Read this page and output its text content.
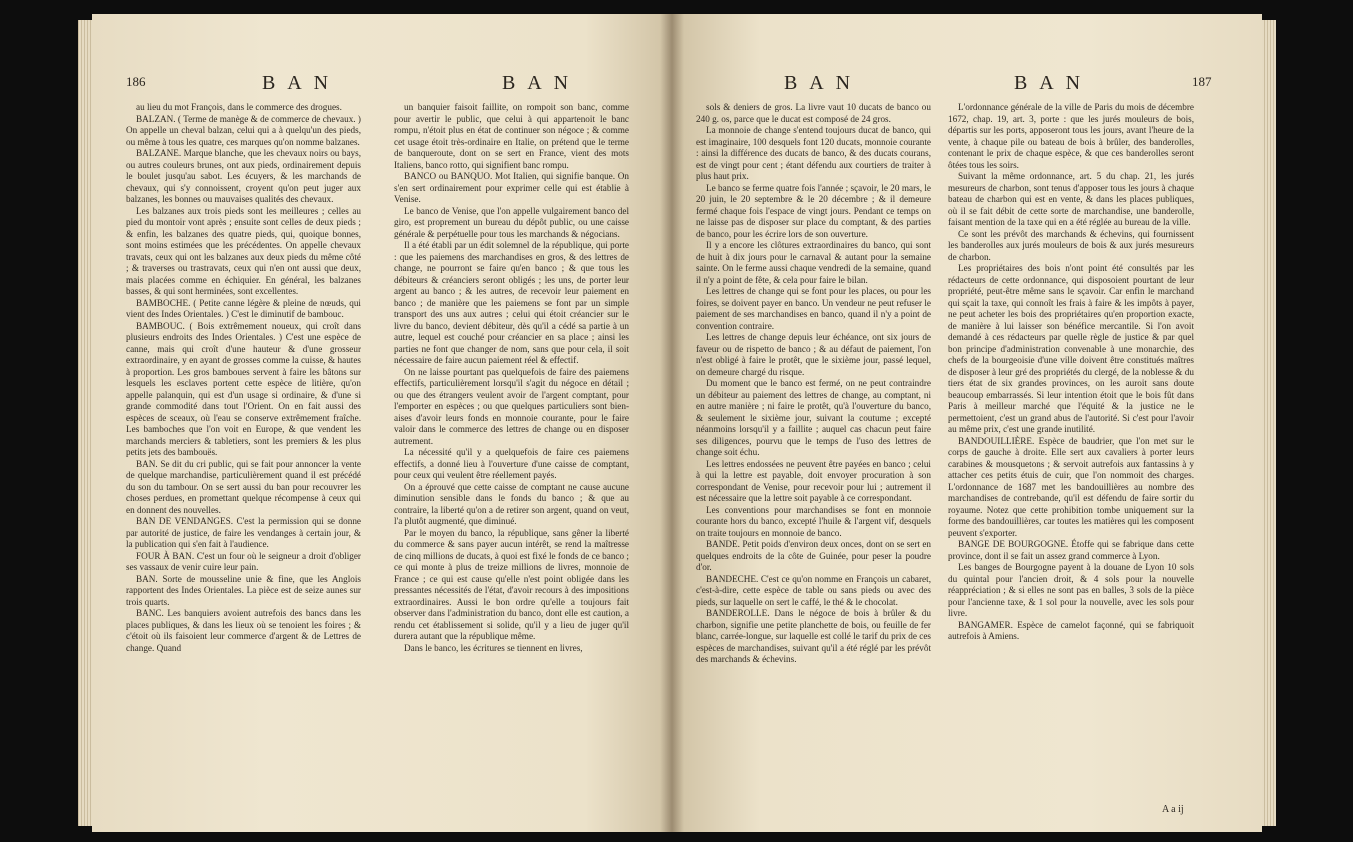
186	B A N	B A N

au lieu du mot François, dans le commerce des drogues.

BALZAN. ( Terme de manège & de commerce de chevaux. ) On appelle un cheval balzan, celui qui a à quelqu'un des pieds, ou même à tous les quatre, ces marques qu'on nomme balzanes.

BALZANE. Marque blanche, que les chevaux noirs ou bays, ou autres couleurs brunes, ont aux pieds, ordinairement depuis le boulet jusqu'au sabot. Les écuyers, & les marchands de chevaux, qui s'y connoissent, croyent qu'on peut juger aux balzanes, les bonnes ou mauvaises qualités des chevaux.

Les balzanes aux trois pieds sont les meilleures ; celles au pied du montoir vont après ; ensuite sont celles de deux pieds ; & enfin, les balzanes des quatre pieds, qui, quoique bonnes, sont moins estimées que les précédentes. On appelle chevaux travats, ceux qui ont les balzanes aux deux pieds du même côté ; & traverses ou trastravats, ceux qui n'en ont aussi que deux, mais placées comme en échiquier. En général, les balzanes basses, & qui sont herminées, sont excellentes.

BAMBOCHE. ( Petite canne légère & pleine de nœuds, qui vient des Indes Orientales. ) C'est le diminutif de bambouc.

BAMBOUC. ( Bois extrêmement noueux, qui croît dans plusieurs endroits des Indes Orientales. ) C'est une espèce de canne, mais qui croît d'une hauteur & d'une grosseur extraordinaire, y en ayant de grosses comme la cuisse, & hautes à proportion. Les gros bamboues servent à faire les bâtons sur lesquels les esclaves portent cette espèce de litière, qu'on appelle palanquin, qui est d'un usage si ordinaire, & d'une si grande commodité dans tout l'Orient. On en fait aussi des espèces de sceaux, où l'eau se conserve extrêmement fraîche. Les bamboches que l'on voit en Europe, & que vendent les marchands merciers & tabletiers, sont les premiers & les plus petits jets des bambouës.

BAN. Se dit du cri public, qui se fait pour annoncer la vente de quelque marchandise, particulièrement quand il est précédé du son du tambour. On se sert aussi du ban pour recouvrer les choses perdues, en promettant quelque récompense à ceux qui en donnent des nouvelles.

BAN DE VENDANGES. C'est la permission qui se donne par autorité de justice, de faire les vendanges à certain jour, & la publication qui s'en fait à l'audience.

FOUR À BAN. C'est un four où le seigneur a droit d'obliger ses vassaux de venir cuire leur pain.

BAN. Sorte de mousseline unie & fine, que les Anglois rapportent des Indes Orientales. La pièce est de seize aunes sur trois quarts.

BANC. Les banquiers avoient autrefois des bancs dans les places publiques, & dans les lieux où se tenoient les foires ; & c'étoit où ils faisoient leur commerce d'argent & de Lettres de change. Quand

un banquier faisoit faillite, on rompoit son banc, comme pour avertir le public, que celui à qui appartenoit le banc rompu, n'étoit plus en état de continuer son négoce ; & comme cet usage étoit très-ordinaire en Italie, on prétend que le terme de banqueroute, dont on se sert en France, vient des mots Italiens, banco rotto, qui signifient banc rompu.

BANCO ou BANQUO. Mot Italien, qui signifie banque. On s'en sert ordinairement pour exprimer celle qui est établie à Venise.

Le banco de Venise, que l'on appelle vulgairement banco del giro, est proprement un bureau du dépôt public, ou une caisse générale & perpétuelle pour tous les marchands & négocians.

Il a été établi par un édit solemnel de la république, qui porte : que les paiemens des marchandises en gros, & des lettres de change, ne pourront se faire qu'en banco ; & que tous les débiteurs & créanciers seront obligés ; les uns, de porter leur argent au banco ; & les autres, de recevoir leur paiement en banco ; de manière que les paiemens se font par un simple transport des uns aux autres ; celui qui étoit créancier sur le livre du banco, devient débiteur, dès qu'il a cédé sa partie à un autre, lequel est couché pour créancier en sa place ; ainsi les parties ne font que changer de nom, sans que pour cela, il soit nécessaire de faire aucun paiement réel & effectif.

On ne laisse pourtant pas quelquefois de faire des paiemens effectifs, particulièrement lorsqu'il s'agit du négoce en détail ; ou que des étrangers veulent avoir de l'argent comptant, pour l'emporter en espèces ; ou que quelques particuliers sont bien-aises d'avoir leurs fonds en monnoie courante, pour le faire valoir dans le commerce des lettres de change ou en disposer autrement.

La nécessité qu'il y a quelquefois de faire ces paiemens effectifs, a donné lieu à l'ouverture d'une caisse de comptant, pour ceux qui veulent être réellement payés.

On a éprouvé que cette caisse de comptant ne cause aucune diminution sensible dans le fonds du banco ; & que au contraire, la liberté qu'on a de retirer son argent, quand on veut, l'a plutôt augmenté, que diminué.

Par le moyen du banco, la république, sans gêner la liberté du commerce & sans payer aucun intérêt, se rend la maîtresse de cinq millions de ducats, à quoi est fixé le fonds de ce banco ; ce qui monte à plus de treize millions de livres, monnoie de France ; ce qui est cause qu'elle n'est point obligée dans les pressantes nécessités de l'état, d'avoir recours à des impositions extraordinaires. Aussi le bon ordre qu'elle a toujours fait observer dans l'administration du banco, dont elle est caution, a rendu cet établissement si solide, qu'il y a lieu de juger qu'il durera autant que la république même.

Dans le banco, les écritures se tiennent en livres,

B A N	B A N	187

sols & deniers de gros. La livre vaut 10 ducats de banco ou 240 g. os, parce que le ducat est composé de 24 gros.

La monnoie de change s'entend toujours ducat de banco, qui est imaginaire, 100 desquels font 120 ducats, monnoie courante : ainsi la différence des ducats de banco, & des ducats courans, est de vingt pour cent ; étant défendu aux courtiers de traiter à plus haut prix.

Le banco se ferme quatre fois l'année ; sçavoir, le 20 mars, le 20 juin, le 20 septembre & le 20 décembre ; & il demeure fermé chaque fois l'espace de vingt jours. Pendant ce temps on ne laisse pas de disposer sur place du comptant, & des parties de banco, pour les écrire lors de son ouverture.

Il y a encore les clôtures extraordinaires du banco, qui sont de huit à dix jours pour le carnaval & autant pour la semaine sainte. On le ferme aussi chaque vendredi de la semaine, quand il n'y a point de fête, & cela pour faire le bilan.

Les lettres de change qui se font pour les places, ou pour les foires, se doivent payer en banco. Un vendeur ne peut refuser le paiement de ses marchandises en banco, quand il n'y a point de convention contraire.

Les lettres de change depuis leur échéance, ont six jours de faveur ou de rispetto de banco ; & au défaut de paiement, l'on n'est obligé à faire le protêt, que le sixième jour, passé lequel, on demeure chargé du risque.

Du moment que le banco est fermé, on ne peut contraindre un débiteur au paiement des lettres de change, au comptant, ni en autre manière ; ni faire le protêt, qu'à l'ouverture du banco, & seulement le sixième jour, suivant la coutume ; excepté néanmoins lorsqu'il y a faillite ; auquel cas chacun peut faire ses diligences, pourvu que le temps de l'uso des lettres de change soit échu.

Les lettres endossées ne peuvent être payées en banco ; celui à qui la lettre est payable, doit envoyer procuration à son correspondant de Venise, pour recevoir pour lui ; autrement il est nécessaire que la lettre soit payable à ce correspondant.

Les conventions pour marchandises se font en monnoie courante hors du banco, excepté l'huile & l'argent vif, desquels on traite toujours en monnoie de banco.

BANDE. Petit poids d'environ deux onces, dont on se sert en quelques endroits de la côte de Guinée, pour peser la poudre d'or.

BANDECHE. C'est ce qu'on nomme en François un cabaret, c'est-à-dire, cette espèce de table ou sans pieds ou avec des pieds, sur laquelle on sert le caffé, le thé & le chocolat.

BANDEROLLE. Dans le négoce de bois à brûler & du charbon, signifie une petite planchette de bois, ou feuille de fer blanc, carrée-longue, sur laquelle est collé le tarif du prix de ces espèces de marchandises, suivant qu'il a été réglé par les prévôt des marchands & échevins.

L'ordonnance générale de la ville de Paris du mois de décembre 1672, chap. 19, art. 3, porte : que les jurés mouleurs de bois, départis sur les ports, apposeront tous les jours, avant l'heure de la vente, à chaque pile ou bateau de bois à brûler, des banderolles, contenant le prix de chaque espèce, & que ces banderolles seront ôtées tous les soirs.

Suivant la même ordonnance, art. 5 du chap. 21, les jurés mesureurs de charbon, sont tenus d'apposer tous les jours à chaque bateau de charbon qui est en vente, & dans les places publiques, où il se fait débit de cette sorte de marchandise, une banderolle, faisant mention de la taxe qui en a été réglée au bureau de la ville.

Ce sont les prévôt des marchands & échevins, qui fournissent les banderolles aux jurés mouleurs de bois & aux jurés mesureurs de charbon.

Les propriétaires des bois n'ont point été consultés par les rédacteurs de cette ordonnance, qui disposoient pourtant de leur propriété, peut-être même sans le sçavoir. Car enfin le marchand qui sçait la taxe, qui connoît les frais à faire & les impôts à payer, ne peut acheter les bois des propriétaires qu'en proportion exacte, de manière à lui laisser son bénéfice mercantile. Si l'on avoit demandé à ces rédacteurs par quelle règle de justice & par quel bon principe d'administration convenable à une monarchie, des chefs de la bourgeoisie d'une ville doivent être constitués maîtres de disposer à leur gré des propriétés du clergé, de la noblesse & du tiers état de six grandes provinces, on les auroit sans doute beaucoup embarrassés. Si leur intention étoit que le bois fût dans Paris à meilleur marché que l'équité & la justice ne le permettoient, c'est un grand abus de l'autorité. Si c'est pour l'avoir au même prix, c'est une grande inutilité.

BANDOUILLIÈRE. Espèce de baudrier, que l'on met sur le corps de gauche à droite. Elle sert aux cavaliers à porter leurs carabines & mousquetons ; & servoit autrefois aux fantassins à y attacher ces petits étuis de cuir, que l'on nommoit des charges. L'ordonnance de 1687 met les bandouillières au nombre des marchandises de contrebande, qu'il est défendu de faire sortir du royaume. Notez que cette prohibition tombe uniquement sur la forme des bandouillières, car toutes les matières qui les composent peuvent s'exporter.

BANGE DE BOURGOGNE. Étoffe qui se fabrique dans cette province, dont il se fait un assez grand commerce à Lyon.

Les banges de Bourgogne payent à la douane de Lyon 10 sols du quintal pour l'ancien droit, & 4 sols pour la nouvelle réappréciation ; & si elles ne sont pas en balles, 3 sols de la pièce pour l'ancienne taxe, & 1 sol pour la nouvelle, avec les sols pour livre.

BANGAMER. Espèce de camelot façonné, qui se fabriquoit autrefois à Amiens.

A a ij
